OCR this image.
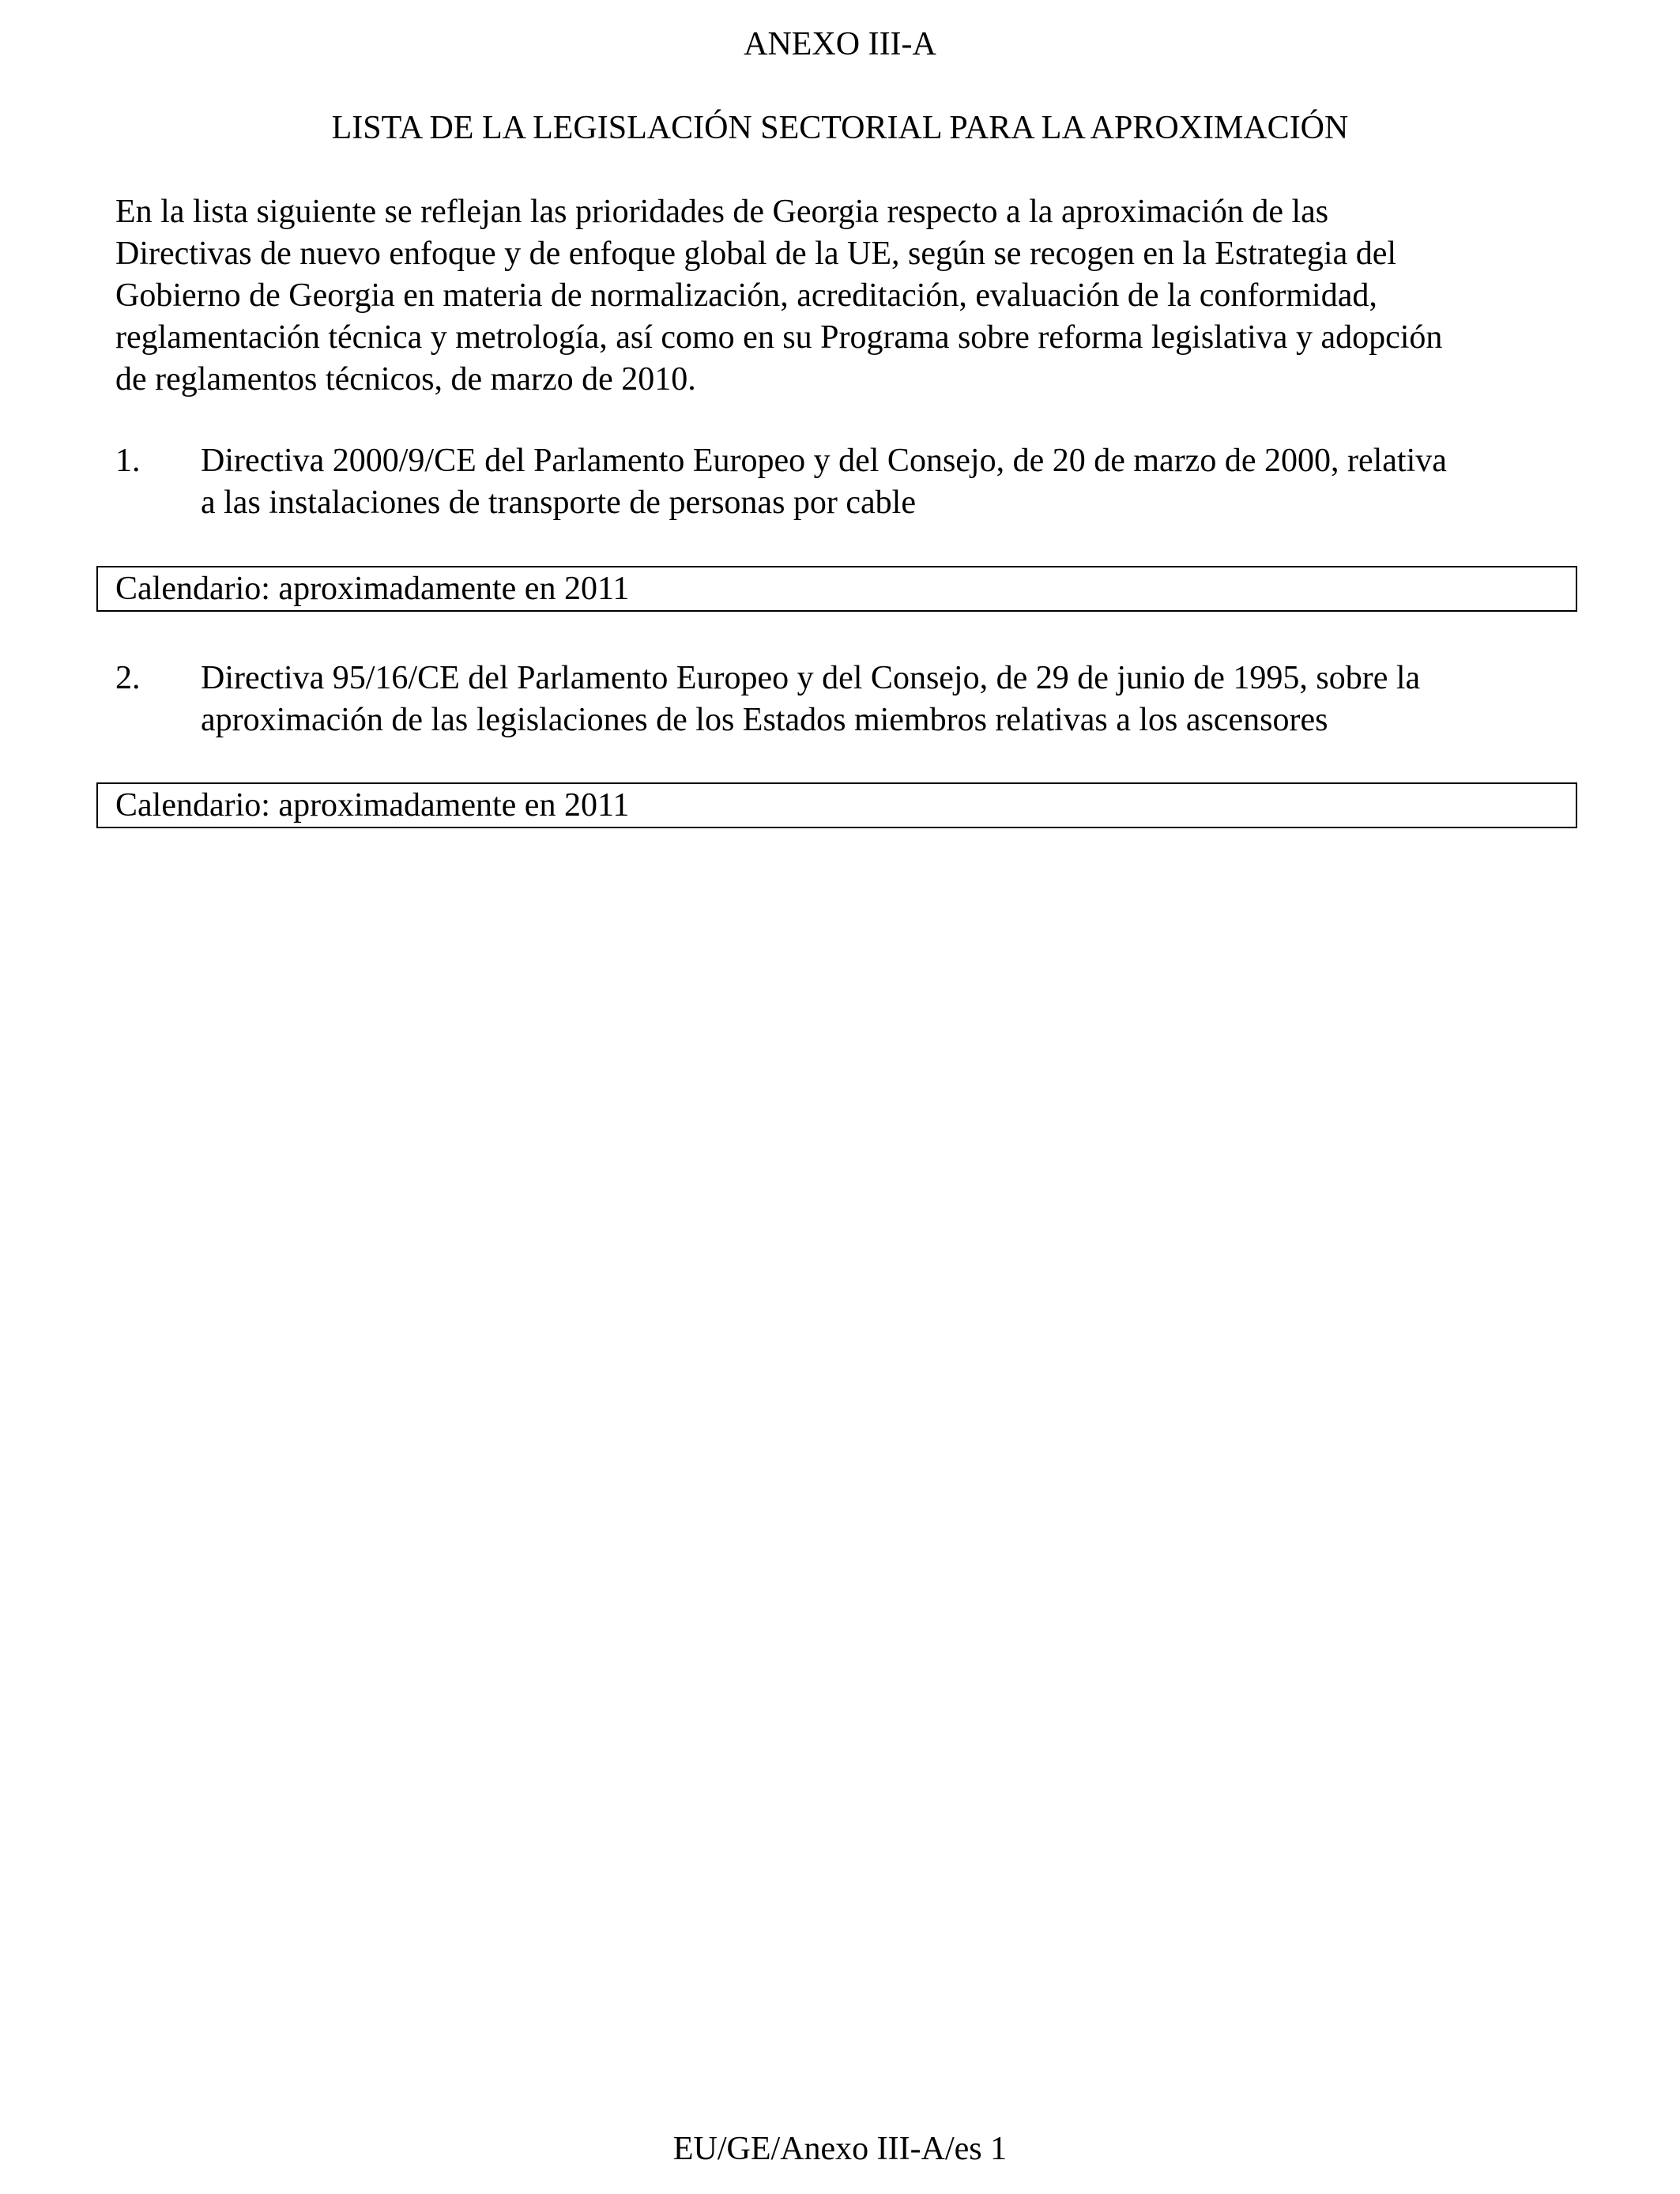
ANEXO III-A
LISTA DE LA LEGISLACIÓN SECTORIAL PARA LA APROXIMACIÓN

En la lista siguiente se reflejan las prioridades de Georgia respecto a la aproximación de las
Directivas de nuevo enfoque y de enfoque global de la UE, según se recogen en la Estrategia del
Gobierno de Georgia en materia de normalización, acreditación, evaluación de la conformidad,
reglamentación técnica y metrología, así como en su Programa sobre reforma legislativa y adopción
de reglamentos técnicos, de marzo de 2010.

1. Directiva 2000/9/CE del Parlamento Europeo y del Consejo, de 20 de marzo de 2000, relativa
a las instalaciones de transporte de personas por cable
Calendario: aproximadamente en 2011
2. Directiva 95/16/CE del Parlamento Europeo y del Consejo, de 29 de junio de 1995, sobre la
aproximación de las legislaciones de los Estados miembros relativas a los ascensores
Calendario: aproximadamente en 2011
EU/GE/Anexo III-A/es 1
